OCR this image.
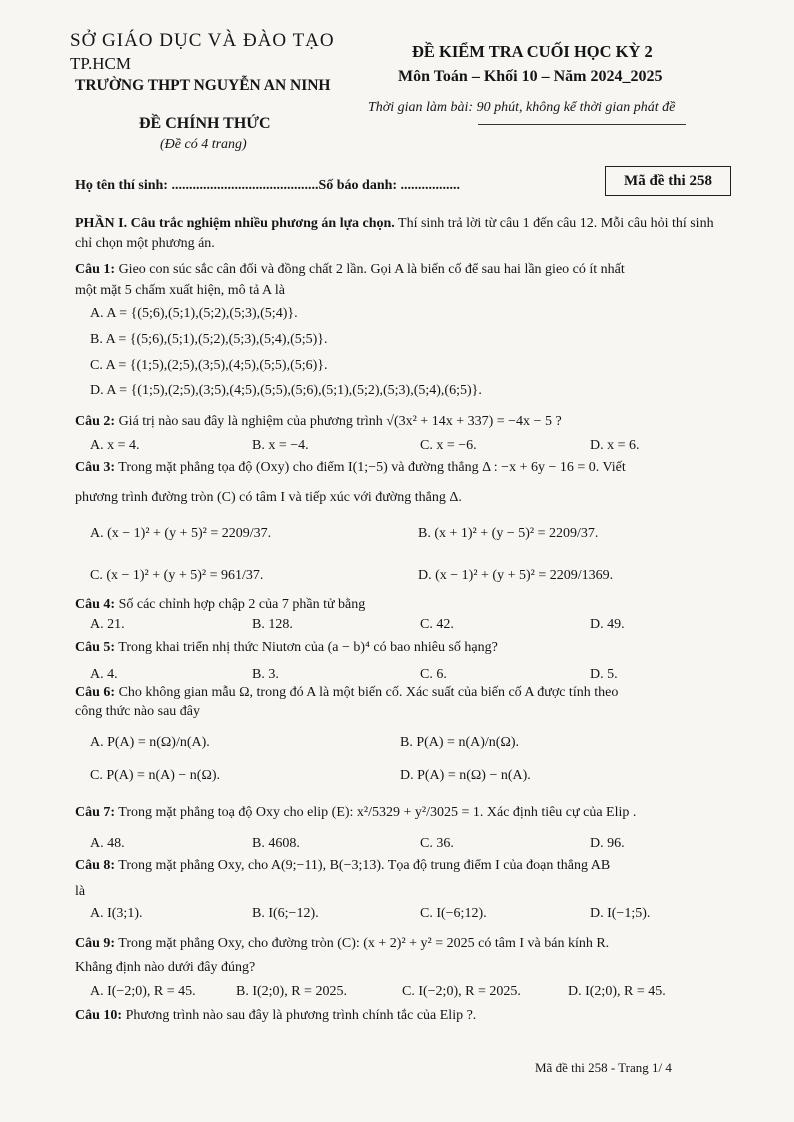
SỞ GIÁO DỤC VÀ ĐÀO TẠO
TP.HCM
TRƯỜNG THPT NGUYỄN AN NINH
ĐỀ CHÍNH THỨC
(Đề có 4 trang)
ĐỀ KIỂM TRA CUỐI HỌC KỲ 2
Môn Toán – Khối 10 – Năm 2024_2025
Thời gian làm bài: 90 phút, không kể thời gian phát đề
Họ tên thí sinh: ..........................................Số báo danh: .................	Mã đề thi 258
PHẦN I. Câu trắc nghiệm nhiều phương án lựa chọn. Thí sinh trả lời từ câu 1 đến câu 12. Mỗi câu hỏi thí sinh chỉ chọn một phương án.
Câu 1: Gieo con súc sắc cân đối và đồng chất 2 lần. Gọi A là biến cố để sau hai lần gieo có ít nhất
một mặt 5 chấm xuất hiện, mô tả A là
A. A = {(5;6),(5;1),(5;2),(5;3),(5;4)}.
B. A = {(5;6),(5;1),(5;2),(5;3),(5;4),(5;5)}.
C. A = {(1;5),(2;5),(3;5),(4;5),(5;5),(5;6)}.
D. A = {(1;5),(2;5),(3;5),(4;5),(5;5),(5;6),(5;1),(5;2),(5;3),(5;4),(6;5)}.
Câu 2: Giá trị nào sau đây là nghiệm của phương trình √(3x² + 14x + 337) = −4x − 5 ?
A. x = 4.	B. x = −4.	C. x = −6.	D. x = 6.
Câu 3: Trong mặt phẳng tọa độ (Oxy) cho điểm I(1;−5) và đường thẳng Δ : −x + 6y − 16 = 0. Viết
phương trình đường tròn (C) có tâm I và tiếp xúc với đường thẳng Δ.
A. (x − 1)² + (y + 5)² = 2209/37.	B. (x + 1)² + (y − 5)² = 2209/37.
C. (x − 1)² + (y + 5)² = 961/37.	D. (x − 1)² + (y + 5)² = 2209/1369.
Câu 4: Số các chỉnh hợp chập 2 của 7 phần tử bằng
A. 21.	B. 128.	C. 42.	D. 49.
Câu 5: Trong khai triển nhị thức Niutơn của (a − b)⁴ có bao nhiêu số hạng?
A. 4.	B. 3.	C. 6.	D. 5.
Câu 6: Cho không gian mẫu Ω, trong đó A là một biến cố. Xác suất của biến cố A được tính theo
công thức nào sau đây
A. P(A) = n(Ω)/n(A).	B. P(A) = n(A)/n(Ω).
C. P(A) = n(A) − n(Ω).	D. P(A) = n(Ω) − n(A).
Câu 7: Trong mặt phẳng toạ độ Oxy cho elip (E): x²/5329 + y²/3025 = 1. Xác định tiêu cự của Elip .
A. 48.	B. 4608.	C. 36.	D. 96.
Câu 8: Trong mặt phẳng Oxy, cho A(9;−11), B(−3;13). Tọa độ trung điểm I của đoạn thẳng AB
là
A. I(3;1).	B. I(6;−12).	C. I(−6;12).	D. I(−1;5).
Câu 9: Trong mặt phẳng Oxy, cho đường tròn (C): (x + 2)² + y² = 2025 có tâm I và bán kính R.
Khẳng định nào dưới đây đúng?
A. I(−2;0), R = 45.	B. I(2;0), R = 2025.	C. I(−2;0), R = 2025.	D. I(2;0), R = 45.
Câu 10: Phương trình nào sau đây là phương trình chính tắc của Elip ?.
Mã đề thi 258 - Trang 1/ 4
